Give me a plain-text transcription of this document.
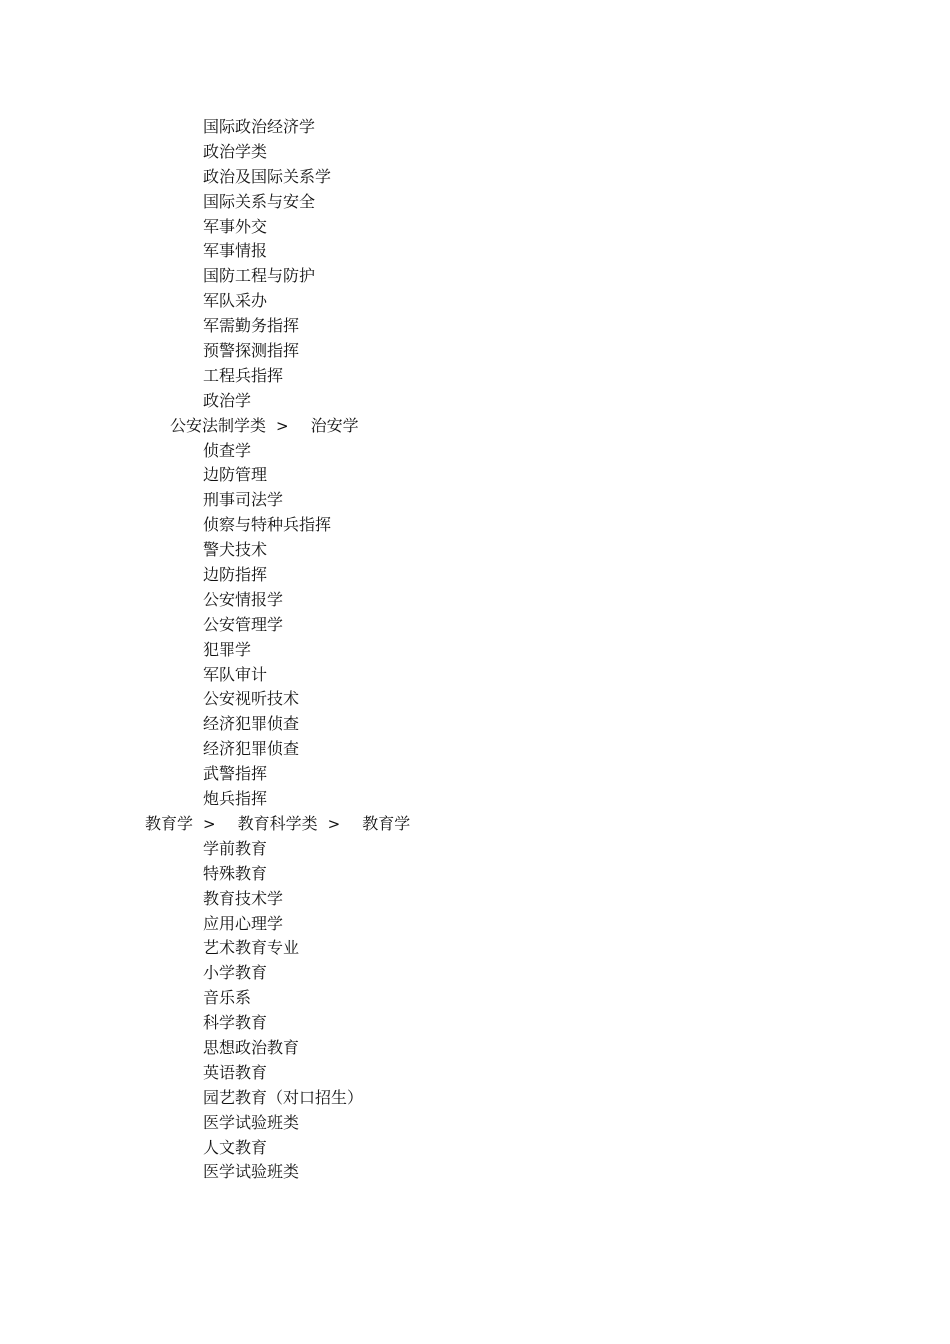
国际政治经济学
政治学类
政治及国际关系学
国际关系与安全
军事外交
军事情报
国防工程与防护
军队采办
军需勤务指挥
预警探测指挥
工程兵指挥
政治学
公安法制学类 > 治安学
侦查学
边防管理
刑事司法学
侦察与特种兵指挥
警犬技术
边防指挥
公安情报学
公安管理学
犯罪学
军队审计
公安视听技术
经济犯罪侦查
经济犯罪侦查
武警指挥
炮兵指挥
教育学 > 教育科学类 > 教育学
学前教育
特殊教育
教育技术学
应用心理学
艺术教育专业
小学教育
音乐系
科学教育
思想政治教育
英语教育
园艺教育（对口招生）
医学试验班类
人文教育
医学试验班类
